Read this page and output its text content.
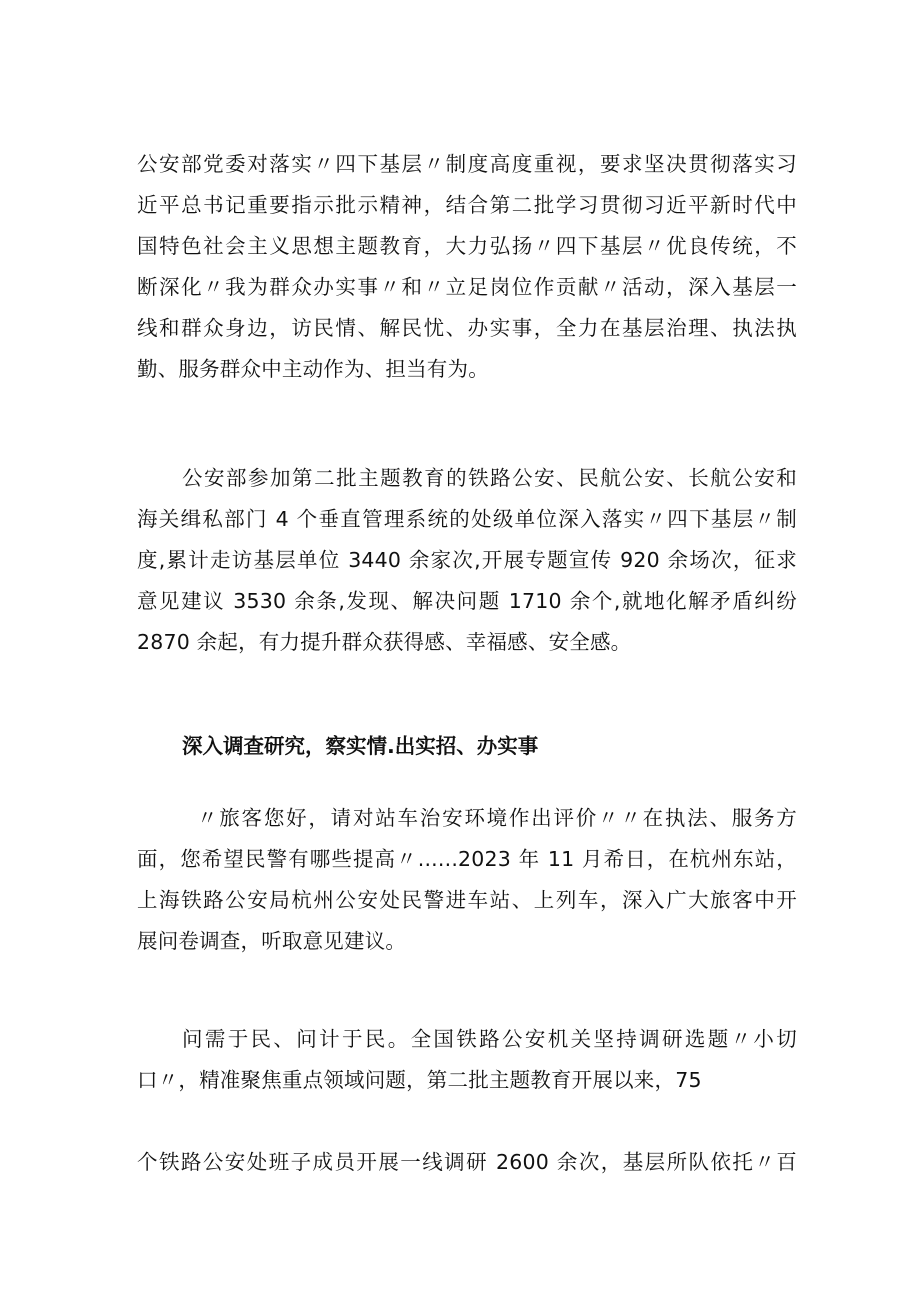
公安部党委对落实〃四下基层〃制度高度重视，要求坚决贯彻落实习
近平总书记重要指示批示精神，结合第二批学习贯彻习近平新时代中
国特色社会主义思想主题教育，大力弘扬〃四下基层〃优良传统，不
断深化〃我为群众办实事〃和〃立足岗位作贡献〃活动，深入基层一
线和群众身边，访民情、解民忧、办实事，全力在基层治理、执法执
勤、服务群众中主动作为、担当有为。
公安部参加第二批主题教育的铁路公安、民航公安、长航公安和
海关缉私部门 4 个垂直管理系统的处级单位深入落实〃四下基层〃制
度,累计走访基层单位 3440 余家次,开展专题宣传 920 余场次，征求
意见建议 3530 余条,发现、解决问题 1710 余个,就地化解矛盾纠纷
2870 余起，有力提升群众获得感、幸福感、安全感。
深入调查研究，察实情.出实招、办实事
〃旅客您好，请对站车治安环境作出评价〃〃在执法、服务方
面，您希望民警有哪些提高〃......2023 年 11 月希日，在杭州东站，
上海铁路公安局杭州公安处民警进车站、上列车，深入广大旅客中开
展问卷调查，听取意见建议。
问需于民、问计于民。全国铁路公安机关坚持调研选题〃小切
口〃，精准聚焦重点领域问题，第二批主题教育开展以来，75
个铁路公安处班子成员开展一线调研 2600 余次，基层所队依托〃百
